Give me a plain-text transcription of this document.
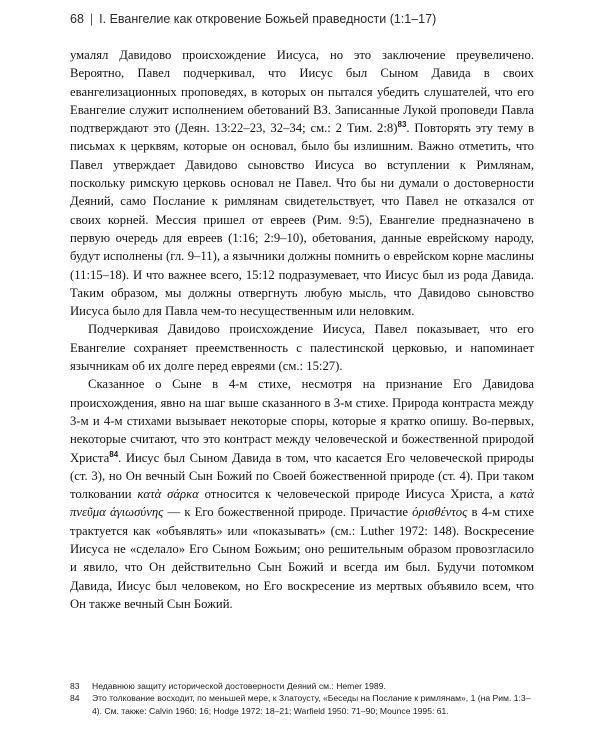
68 | I. Евангелие как откровение Божьей праведности (1:1–17)

умалял Давидово происхождение Иисуса, но это заключение преувеличено. Вероятно, Павел подчеркивал, что Иисус был Сыном Давида в своих евангелизационных проповедях, в которых он пытался убедить слушателей, что его Евангелие служит исполнением обетований ВЗ. Записанные Лукой проповеди Павла подтверждают это (Деян. 13:22–23, 32–34; см.: 2 Тим. 2:8)$^{83}$. Повторять эту тему в письмах к церквям, которые он основал, было бы излишним. Важно отметить, что Павел утверждает Давидово сыновство Иисуса во вступлении к Римлянам, поскольку римскую церковь основал не Павел. Что бы ни думали о достоверности Деяний, само Послание к римлянам свидетельствует, что Павел не отказался от своих корней. Мессия пришел от евреев (Рим. 9:5), Евангелие предназначено в первую очередь для евреев (1:16; 2:9–10), обетования, данные еврейскому народу, будут исполнены (гл. 9–11), а язычники должны помнить о еврейском корне маслины (11:15–18). И что важнее всего, 15:12 подразумевает, что Иисус был из рода Давида. Таким образом, мы должны отвергнуть любую мысль, что Давидово сыновство Иисуса было для Павла чем-то несущественным или неловким.

Подчеркивая Давидово происхождение Иисуса, Павел показывает, что его Евангелие сохраняет преемственность с палестинской церковью, и напоминает язычникам об их долге перед евреями (см.: 15:27).

Сказанное о Сыне в 4-м стихе, несмотря на признание Его Давидова происхождения, явно на шаг выше сказанного в 3-м стихе. Природа контраста между 3-м и 4-м стихами вызывает некоторые споры, которые я кратко опишу. Во-первых, некоторые считают, что это контраст между человеческой и божественной природой Христа$^{84}$. Иисус был Сыном Давида в том, что касается Его человеческой природы (ст. 3), но Он вечный Сын Божий по Своей божественной природе (ст. 4). При таком толковании κατὰ σάρκα относится к человеческой природе Иисуса Христа, а κατὰ πνεῦμα ἁγιωσύνης — к Его божественной природе. Причастие ὁρισθέντος в 4-м стихе трактуется как «объявлять» или «показывать» (см.: Luther 1972: 148). Воскресение Иисуса не «сделало» Его Сыном Божьим; оно решительным образом провозгласило и явило, что Он действительно Сын Божий и всегда им был. Будучи потомком Давида, Иисус был человеком, но Его воскресение из мертвых объявило всем, что Он также вечный Сын Божий.

83	Недавнюю защиту исторической достоверности Деяний см.: Hemer 1989.
84	Это толкование восходит, по меньшей мере, к Златоусту, «Беседы на Послание к римлянам», 1 (на Рим. 1:3–4). См. также: Calvin 1960: 16; Hodge 1972: 18–21; Warfield 1950: 71–90; Mounce 1995: 61.
